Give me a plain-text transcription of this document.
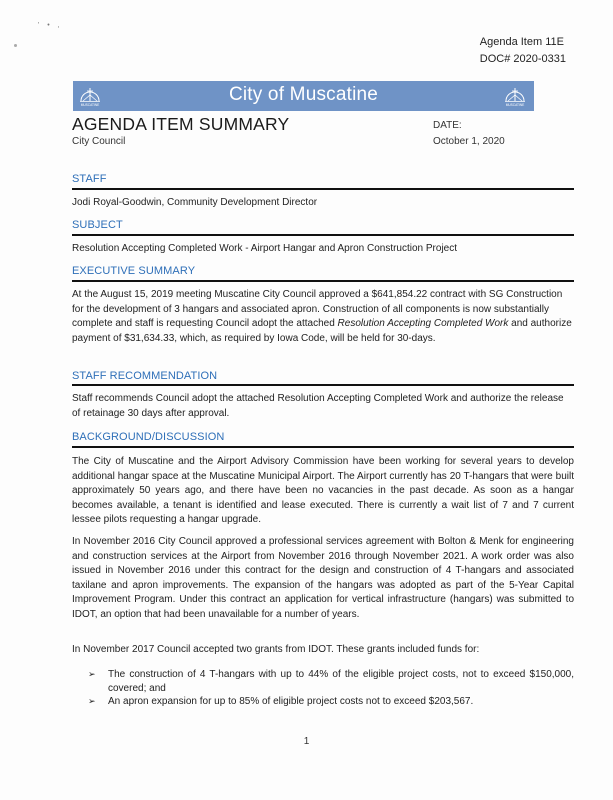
' • ,
Agenda Item 11E
DOC# 2020-0331
MUSCATINE	City of Muscatine	MUSCATINE
AGENDA ITEM SUMMARY
City Council
DATE:
October 1, 2020
STAFF
Jodi Royal-Goodwin, Community Development Director
SUBJECT
Resolution Accepting Completed Work - Airport Hangar and Apron Construction Project
EXECUTIVE SUMMARY
At the August 15, 2019 meeting Muscatine City Council approved a $641,854.22 contract with SG Construction for the development of 3 hangars and associated apron. Construction of all components is now substantially complete and staff is requesting Council adopt the attached Resolution Accepting Completed Work and authorize payment of $31,634.33, which, as required by Iowa Code, will be held for 30-days.
STAFF RECOMMENDATION
Staff recommends Council adopt the attached Resolution Accepting Completed Work and authorize the release of retainage 30 days after approval.
BACKGROUND/DISCUSSION
The City of Muscatine and the Airport Advisory Commission have been working for several years to develop additional hangar space at the Muscatine Municipal Airport. The Airport currently has 20 T-hangars that were built approximately 50 years ago, and there have been no vacancies in the past decade. As soon as a hangar becomes available, a tenant is identified and lease executed. There is currently a wait list of 7 and 7 current lessee pilots requesting a hangar upgrade.
In November 2016 City Council approved a professional services agreement with Bolton & Menk for engineering and construction services at the Airport from November 2016 through November 2021. A work order was also issued in November 2016 under this contract for the design and construction of 4 T-hangars and associated taxilane and apron improvements. The expansion of the hangars was adopted as part of the 5-Year Capital Improvement Program. Under this contract an application for vertical infrastructure (hangars) was submitted to IDOT, an option that had been unavailable for a number of years.
In November 2017 Council accepted two grants from IDOT. These grants included funds for:
➢ The construction of 4 T-hangars with up to 44% of the eligible project costs, not to exceed $150,000, covered; and
➢ An apron expansion for up to 85% of eligible project costs not to exceed $203,567.
1
